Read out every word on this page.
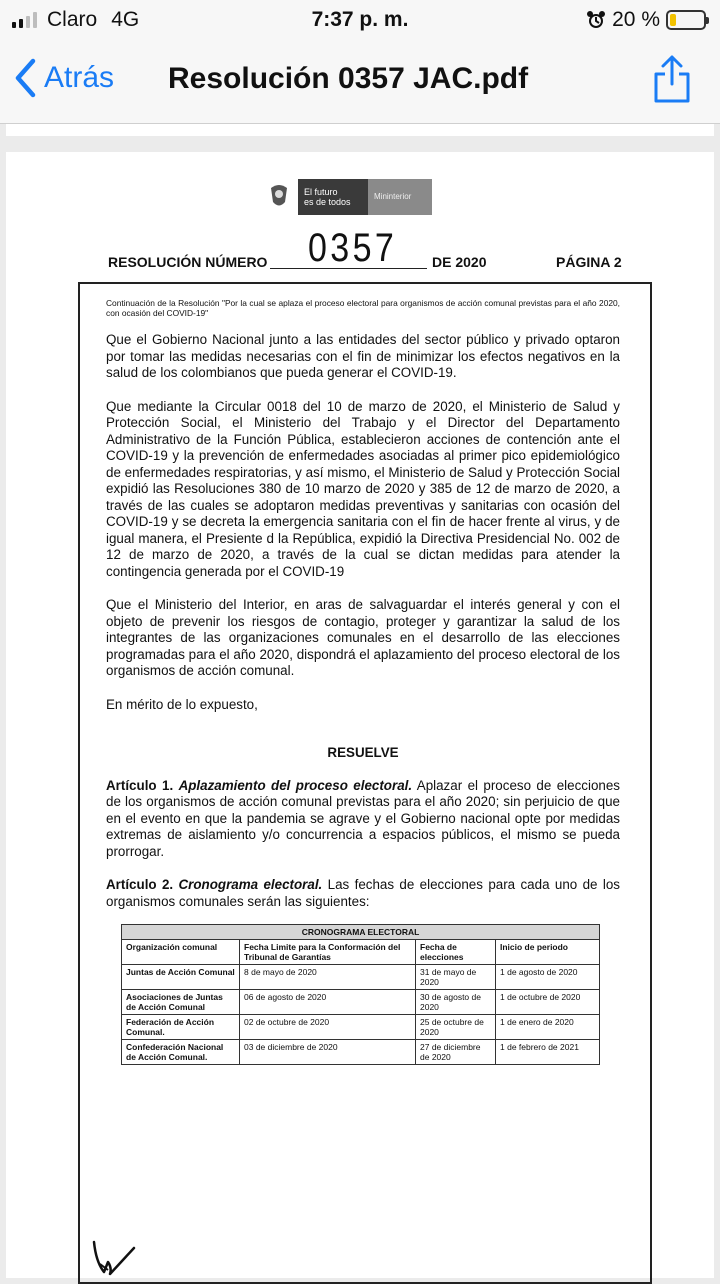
Claro 4G	7:37 p. m.	20 %
Atrás Resolución 0357 JAC.pdf
El futuro
es de todos
Mininterior
RESOLUCIÓN NÚMERO 0357 DE 2020	PÁGINA 2
Continuación de la Resolución "Por la cual se aplaza el proceso electoral para organismos de acción comunal previstas para el año 2020, con ocasión del COVID-19"

Que el Gobierno Nacional junto a las entidades del sector público y privado optaron por tomar las medidas necesarias con el fin de minimizar los efectos negativos en la salud de los colombianos que pueda generar el COVID-19.

Que mediante la Circular 0018 del 10 de marzo de 2020, el Ministerio de Salud y Protección Social, el Ministerio del Trabajo y el Director del Departamento Administrativo de la Función Pública, establecieron acciones de contención ante el COVID-19 y la prevención de enfermedades asociadas al primer pico epidemiológico de enfermedades respiratorias, y así mismo, el Ministerio de Salud y Protección Social expidió las Resoluciones 380 de 10 marzo de 2020 y 385 de 12 de marzo de 2020, a través de las cuales se adoptaron medidas preventivas y sanitarias con ocasión del COVID-19 y se decreta la emergencia sanitaria con el fin de hacer frente al virus, y de igual manera, el Presiente d la República, expidió la Directiva Presidencial No. 002 de 12 de marzo de 2020, a través de la cual se dictan medidas para atender la contingencia generada por el COVID-19

Que el Ministerio del Interior, en aras de salvaguardar el interés general y con el objeto de prevenir los riesgos de contagio, proteger y garantizar la salud de los integrantes de las organizaciones comunales en el desarrollo de las elecciones programadas para el año 2020, dispondrá el aplazamiento del proceso electoral de los organismos de acción comunal.

En mérito de lo expuesto,

RESUELVE

Artículo 1. Aplazamiento del proceso electoral. Aplazar el proceso de elecciones de los organismos de acción comunal previstas para el año 2020; sin perjuicio de que en el evento en que la pandemia se agrave y el Gobierno nacional opte por medidas extremas de aislamiento y/o concurrencia a espacios públicos, el mismo se pueda prorrogar.

Artículo 2. Cronograma electoral. Las fechas de elecciones para cada uno de los organismos comunales serán las siguientes:

CRONOGRAMA ELECTORAL			
Organización comunal	Fecha Limite para la Conformación del Tribunal de Garantías	Fecha de elecciones	Inicio de periodo
Juntas de Acción Comunal	8 de mayo de 2020	31 de mayo de 2020	1 de agosto de 2020
Asociaciones de Juntas de Acción Comunal	06 de agosto de 2020	30 de agosto de 2020	1 de octubre de 2020
Federación de Acción Comunal.	02 de octubre de 2020	25 de octubre de 2020	1 de enero de 2020
Confederación Nacional de Acción Comunal.	03 de diciembre de 2020	27 de diciembre de 2020	1 de febrero de 2021
